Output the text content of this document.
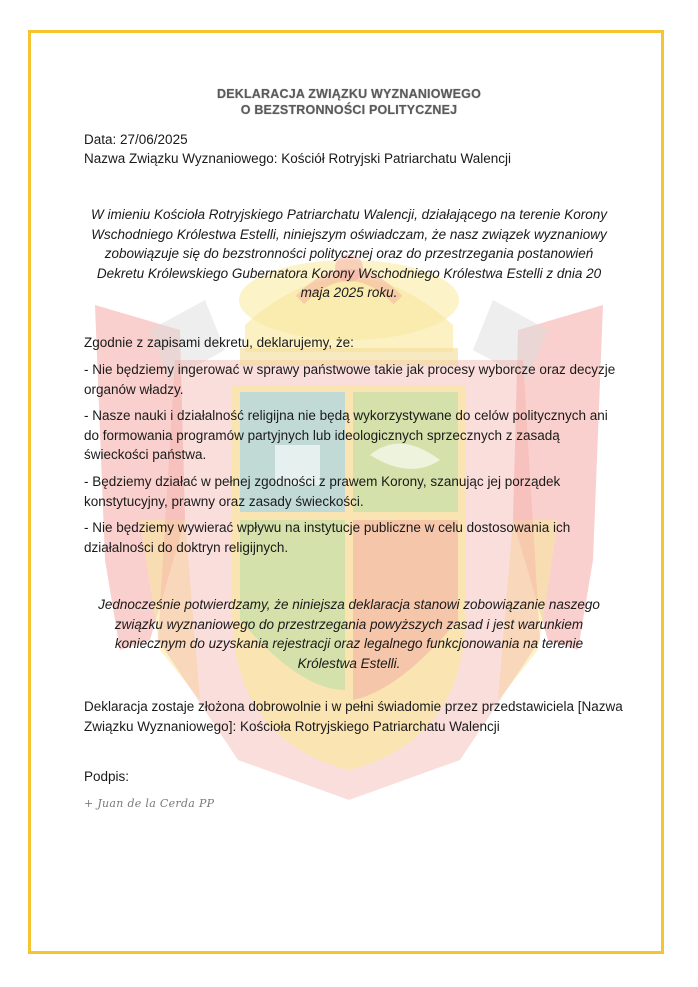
DEKLARACJA ZWIĄZKU WYZNANIOWEGO
O BEZSTRONNOŚCI POLITYCZNEJ
Data: 27/06/2025
Nazwa Związku Wyznaniowego: Kościół Rotryjski Patriarchatu Walencji
W imieniu Kościoła Rotryjskiego Patriarchatu Walencji, działającego na terenie Korony Wschodniego Królestwa Estelli, niniejszym oświadczam, że nasz związek wyznaniowy zobowiązuje się do bezstronności politycznej oraz do przestrzegania postanowień Dekretu Królewskiego Gubernatora Korony Wschodniego Królestwa Estelli z dnia 20 maja 2025 roku.
Zgodnie z zapisami dekretu, deklarujemy, że:
- Nie będziemy ingerować w sprawy państwowe takie jak procesy wyborcze oraz decyzje organów władzy.
- Nasze nauki i działalność religijna nie będą wykorzystywane do celów politycznych ani do formowania programów partyjnych lub ideologicznych sprzecznych z zasadą świeckości państwa.
- Będziemy działać w pełnej zgodności z prawem Korony, szanując jej porządek konstytucyjny, prawny oraz zasady świeckości.
- Nie będziemy wywierać wpływu na instytucje publiczne w celu dostosowania ich działalności do doktryn religijnych.
Jednocześnie potwierdzamy, że niniejsza deklaracja stanowi zobowiązanie naszego związku wyznaniowego do przestrzegania powyższych zasad i jest warunkiem koniecznym do uzyskania rejestracji oraz legalnego funkcjonowania na terenie Królestwa Estelli.
Deklaracja zostaje złożona dobrowolnie i w pełni świadomie przez przedstawiciela [Nazwa Związku Wyznaniowego]: Kościoła Rotryjskiego Patriarchatu Walencji
Podpis:
+ Juan de la Cerda PP
